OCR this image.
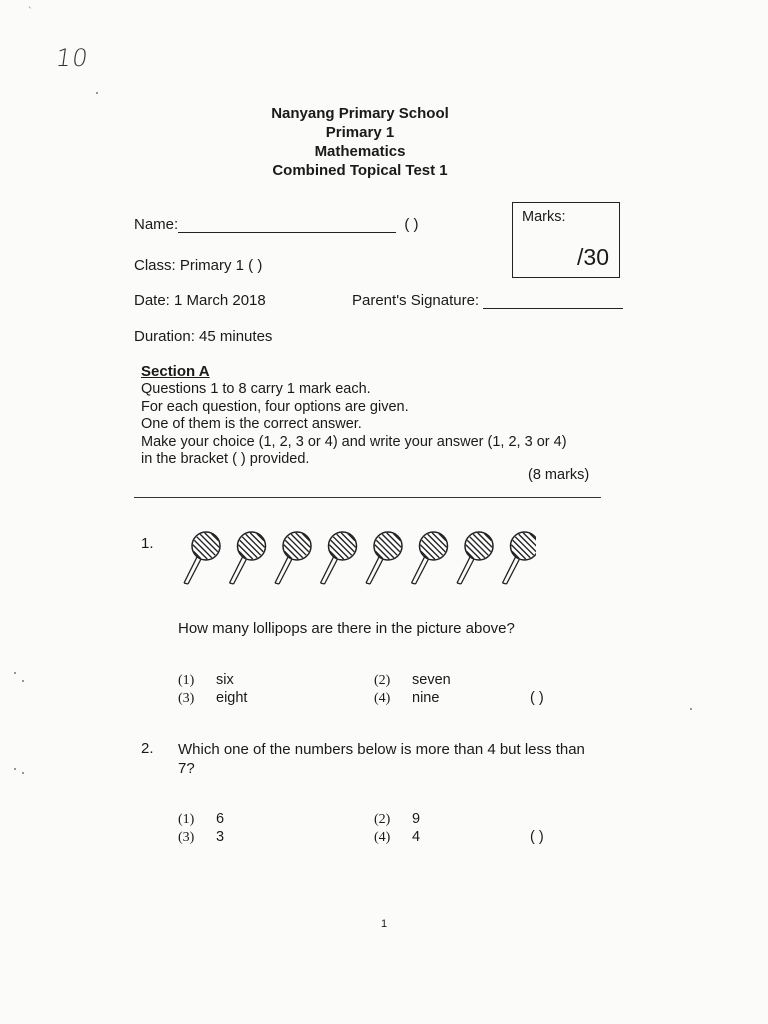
`
10
Nanyang Primary School
Primary 1
Mathematics
Combined Topical Test 1
Name:	( )	Marks:
/30
Class: Primary 1 ( )
Date: 1 March 2018	Parent's Signature:
Duration: 45 minutes
Section A
Questions 1 to 8 carry 1 mark each.
For each question, four options are given.
One of them is the correct answer.
Make your choice (1, 2, 3 or 4) and write your answer (1, 2, 3 or 4)
in the bracket ( ) provided.
(8 marks)
1.
How many lollipops are there in the picture above?
(1) six	(2) seven
(3) eight	(4) nine	( )
2. Which one of the numbers below is more than 4 but less than
7?
(1) 6	(2) 9
(3) 3	(4) 4	( )
1
